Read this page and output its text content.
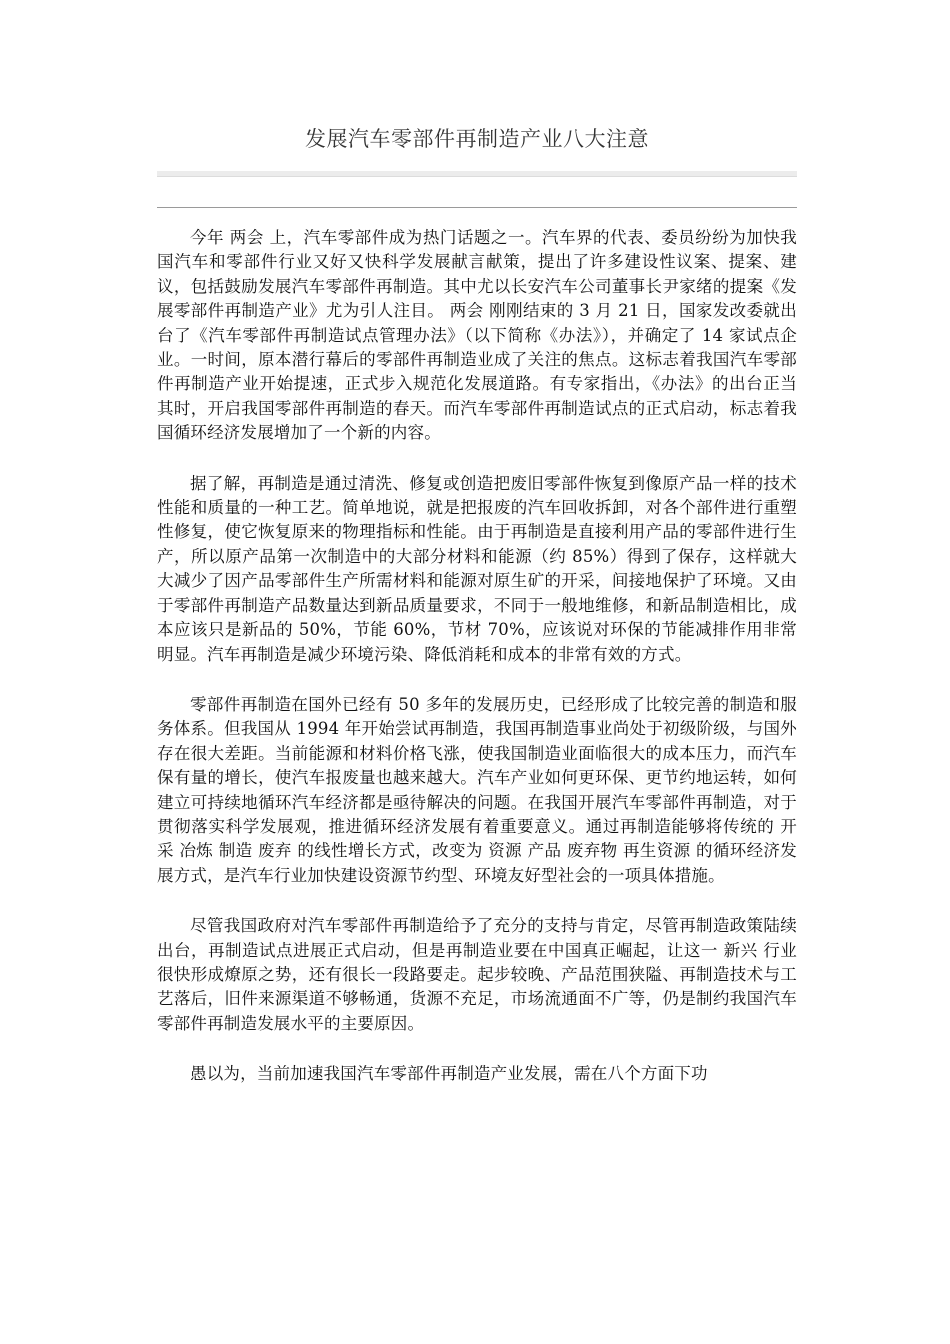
发展汽车零部件再制造产业八大注意

今年 两会 上，汽车零部件成为热门话题之一。汽车界的代表、委员纷纷为加快我国汽车和零部件行业又好又快科学发展献言献策，提出了许多建设性议案、提案、建议，包括鼓励发展汽车零部件再制造。其中尤以长安汽车公司董事长尹家绪的提案《发展零部件再制造产业》尤为引人注目。 两会 刚刚结束的 3 月 21 日，国家发改委就出台了《汽车零部件再制造试点管理办法》（以下简称《办法》），并确定了 14 家试点企业。一时间，原本潜行幕后的零部件再制造业成了关注的焦点。这标志着我国汽车零部件再制造产业开始提速，正式步入规范化发展道路。有专家指出，《办法》的出台正当其时，开启我国零部件再制造的春天。而汽车零部件再制造试点的正式启动，标志着我国循环经济发展增加了一个新的内容。

据了解，再制造是通过清洗、修复或创造把废旧零部件恢复到像原产品一样的技术性能和质量的一种工艺。简单地说，就是把报废的汽车回收拆卸，对各个部件进行重塑性修复，使它恢复原来的物理指标和性能。由于再制造是直接利用产品的零部件进行生产，所以原产品第一次制造中的大部分材料和能源（约 85%）得到了保存，这样就大大减少了因产品零部件生产所需材料和能源对原生矿的开采，间接地保护了环境。又由于零部件再制造产品数量达到新品质量要求，不同于一般地维修，和新品制造相比，成本应该只是新品的 50%，节能 60%，节材 70%，应该说对环保的节能减排作用非常明显。汽车再制造是减少环境污染、降低消耗和成本的非常有效的方式。

零部件再制造在国外已经有 50 多年的发展历史，已经形成了比较完善的制造和服务体系。但我国从 1994 年开始尝试再制造，我国再制造事业尚处于初级阶级，与国外存在很大差距。当前能源和材料价格飞涨，使我国制造业面临很大的成本压力，而汽车保有量的增长，使汽车报废量也越来越大。汽车产业如何更环保、更节约地运转，如何建立可持续地循环汽车经济都是亟待解决的问题。在我国开展汽车零部件再制造，对于贯彻落实科学发展观，推进循环经济发展有着重要意义。通过再制造能够将传统的 开采 冶炼 制造 废弃 的线性增长方式，改变为 资源 产品 废弃物 再生资源 的循环经济发展方式，是汽车行业加快建设资源节约型、环境友好型社会的一项具体措施。

尽管我国政府对汽车零部件再制造给予了充分的支持与肯定，尽管再制造政策陆续出台，再制造试点进展正式启动，但是再制造业要在中国真正崛起，让这一 新兴 行业很快形成燎原之势，还有很长一段路要走。起步较晚、产品范围狭隘、再制造技术与工艺落后，旧件来源渠道不够畅通，货源不充足，市场流通面不广等，仍是制约我国汽车零部件再制造发展水平的主要原因。

愚以为，当前加速我国汽车零部件再制造产业发展，需在八个方面下功
